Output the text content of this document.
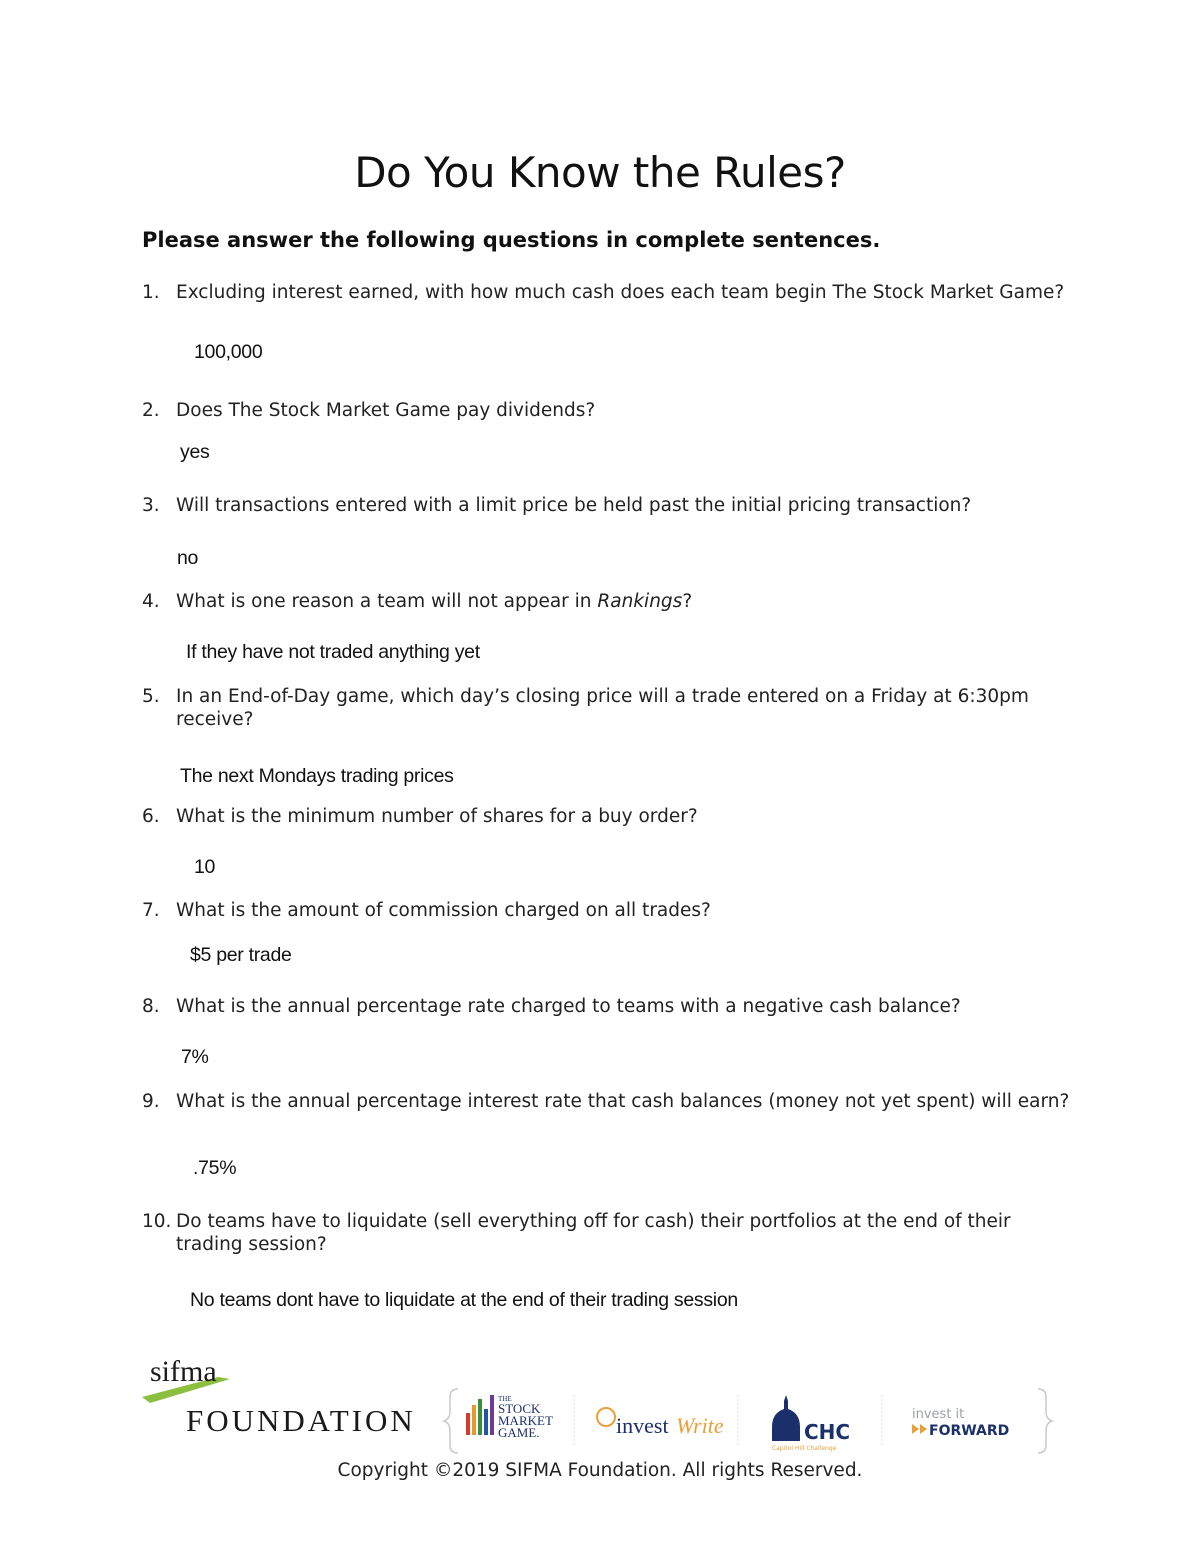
Do You Know the Rules?
Please answer the following questions in complete sentences.
1. Excluding interest earned, with how much cash does each team begin The Stock Market Game?
100,000
2. Does The Stock Market Game pay dividends?
yes
3. Will transactions entered with a limit price be held past the initial pricing transaction?
no
4. What is one reason a team will not appear in Rankings?
If they have not traded anything yet
5. In an End-of-Day game, which day’s closing price will a trade entered on a Friday at 6:30pm receive?
The next Mondays trading prices
6. What is the minimum number of shares for a buy order?
10
7. What is the amount of commission charged on all trades?
$5 per trade
8. What is the annual percentage rate charged to teams with a negative cash balance?
7%
9. What is the annual percentage interest rate that cash balances (money not yet spent) will earn?
.75%
10. Do teams have to liquidate (sell everything off for cash) their portfolios at the end of their trading session?
No teams dont have to liquidate at the end of their trading session
sifma
FOUNDATION
THE
STOCK
MARKET
GAME.	invest Write	CHC
Capitol Hill Challenge
invest it
FORWARD
Copyright ©2019 SIFMA Foundation. All rights Reserved.
